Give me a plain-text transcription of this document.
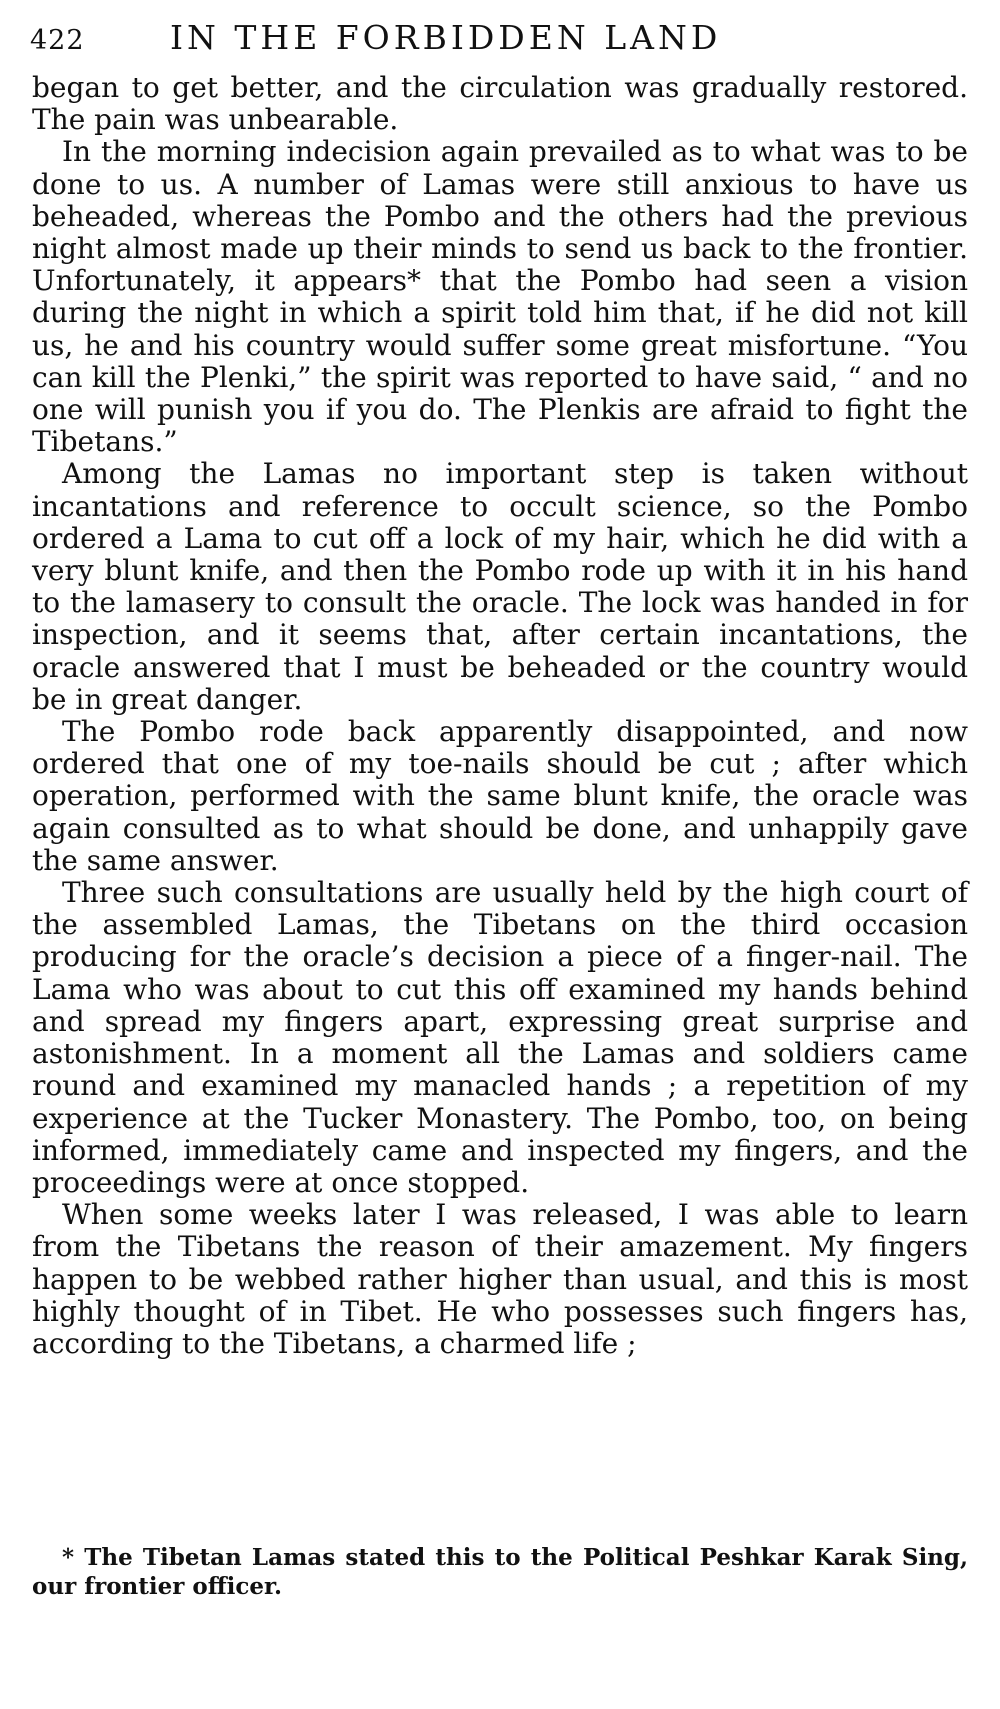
422	IN THE FORBIDDEN LAND

began to get better, and the circulation was gradually restored. The pain was unbearable.

In the morning indecision again prevailed as to what was to be done to us. A number of Lamas were still anxious to have us beheaded, whereas the Pombo and the others had the previous night almost made up their minds to send us back to the frontier. Unfortunately, it appears* that the Pombo had seen a vision during the night in which a spirit told him that, if he did not kill us, he and his country would suffer some great misfortune. “You can kill the Plenki,” the spirit was reported to have said, “ and no one will punish you if you do. The Plenkis are afraid to fight the Tibetans.”

Among the Lamas no important step is taken without incantations and reference to occult science, so the Pombo ordered a Lama to cut off a lock of my hair, which he did with a very blunt knife, and then the Pombo rode up with it in his hand to the lamasery to consult the oracle. The lock was handed in for inspection, and it seems that, after certain incantations, the oracle answered that I must be beheaded or the country would be in great danger.

The Pombo rode back apparently disappointed, and now ordered that one of my toe-nails should be cut ; after which operation, performed with the same blunt knife, the oracle was again consulted as to what should be done, and unhappily gave the same answer.

Three such consultations are usually held by the high court of the assembled Lamas, the Tibetans on the third occasion producing for the oracle’s decision a piece of a finger-nail. The Lama who was about to cut this off examined my hands behind and spread my fingers apart, expressing great surprise and astonishment. In a moment all the Lamas and soldiers came round and examined my manacled hands ; a repetition of my experience at the Tucker Monastery. The Pombo, too, on being informed, immediately came and inspected my fingers, and the proceedings were at once stopped.

When some weeks later I was released, I was able to learn from the Tibetans the reason of their amazement. My fingers happen to be webbed rather higher than usual, and this is most highly thought of in Tibet. He who possesses such fingers has, according to the Tibetans, a charmed life ;

* The Tibetan Lamas stated this to the Political Peshkar Karak Sing, our frontier officer.
